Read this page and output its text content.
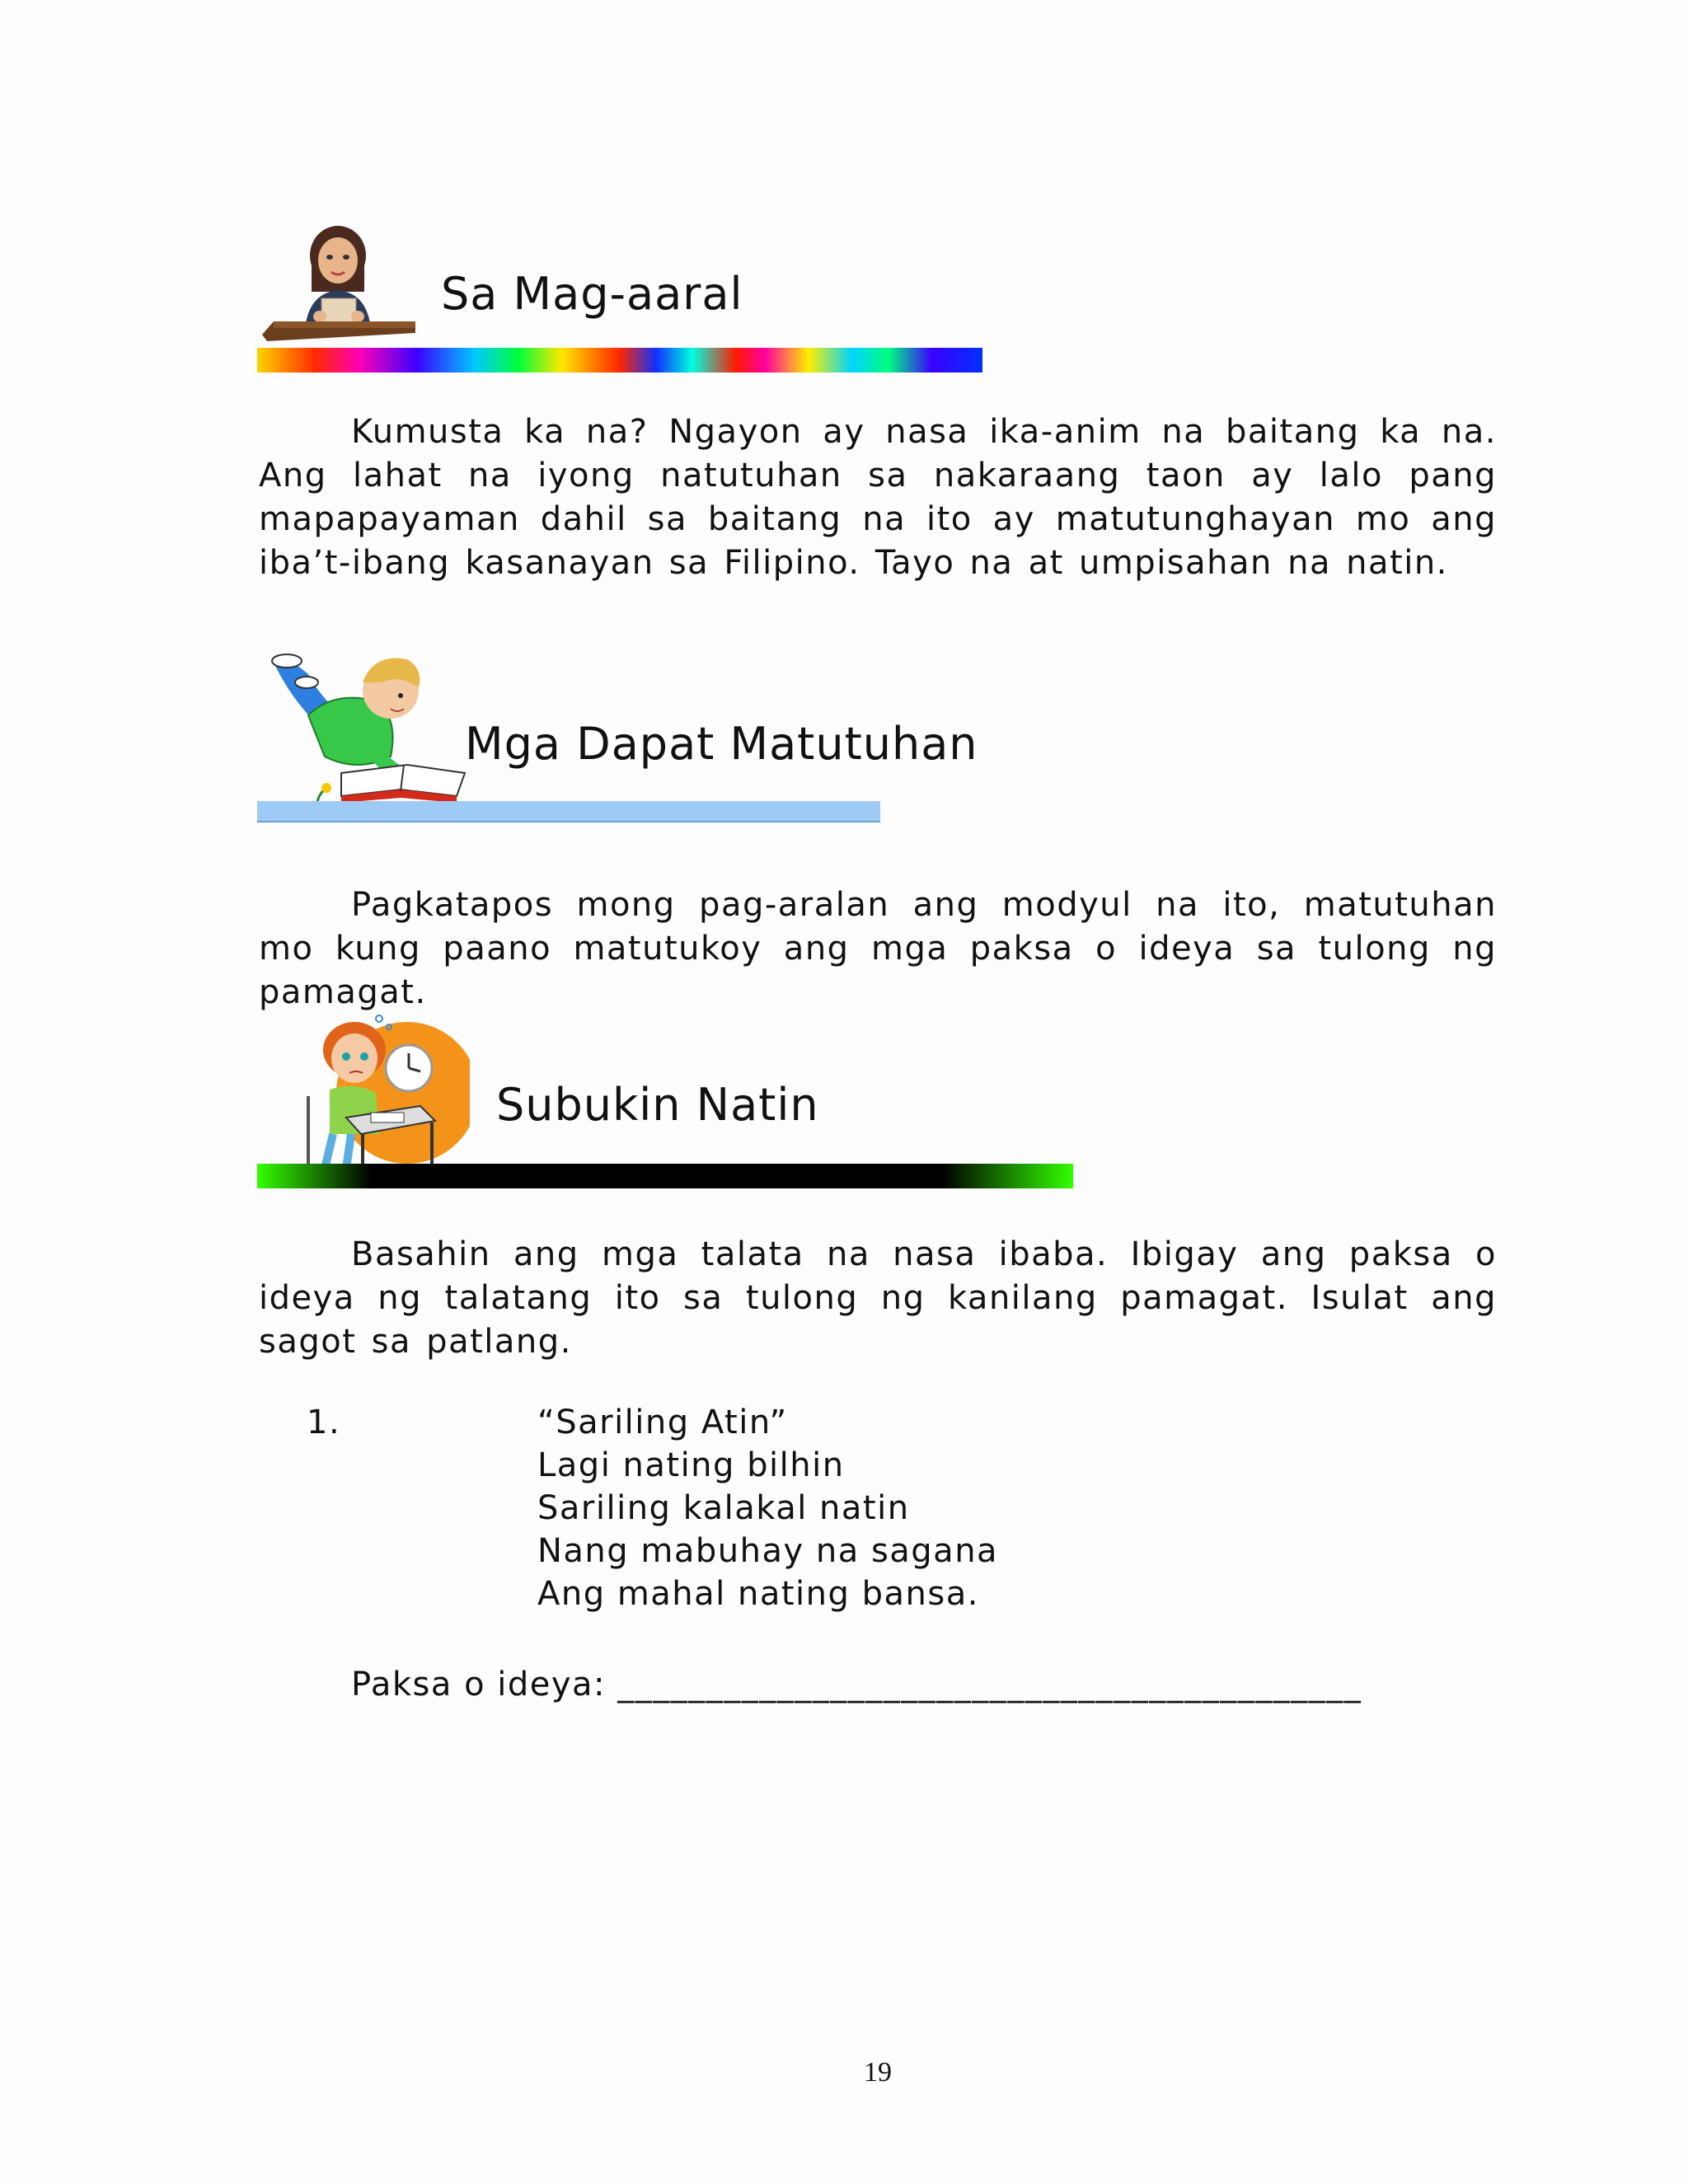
Sa Mag-aaral

Kumusta ka na? Ngayon ay nasa ika-anim na baitang ka na. Ang lahat na iyong natutuhan sa nakaraang taon ay lalo pang mapapayaman dahil sa baitang na ito ay matutunghayan mo ang iba’t-ibang kasanayan sa Filipino. Tayo na at umpisahan na natin.

Mga Dapat Matutuhan

Pagkatapos mong pag-aralan ang modyul na ito, matutuhan mo kung paano matutukoy ang mga paksa o ideya sa tulong ng pamagat.

Subukin Natin

Basahin ang mga talata na nasa ibaba. Ibigay ang paksa o ideya ng talatang ito sa tulong ng kanilang pamagat. Isulat ang sagot sa patlang.

1.	“Sariling Atin”
Lagi nating bilhin
Sariling kalakal natin
Nang mabuhay na sagana
Ang mahal nating bansa.
Paksa o ideya: __________________________________________
19
